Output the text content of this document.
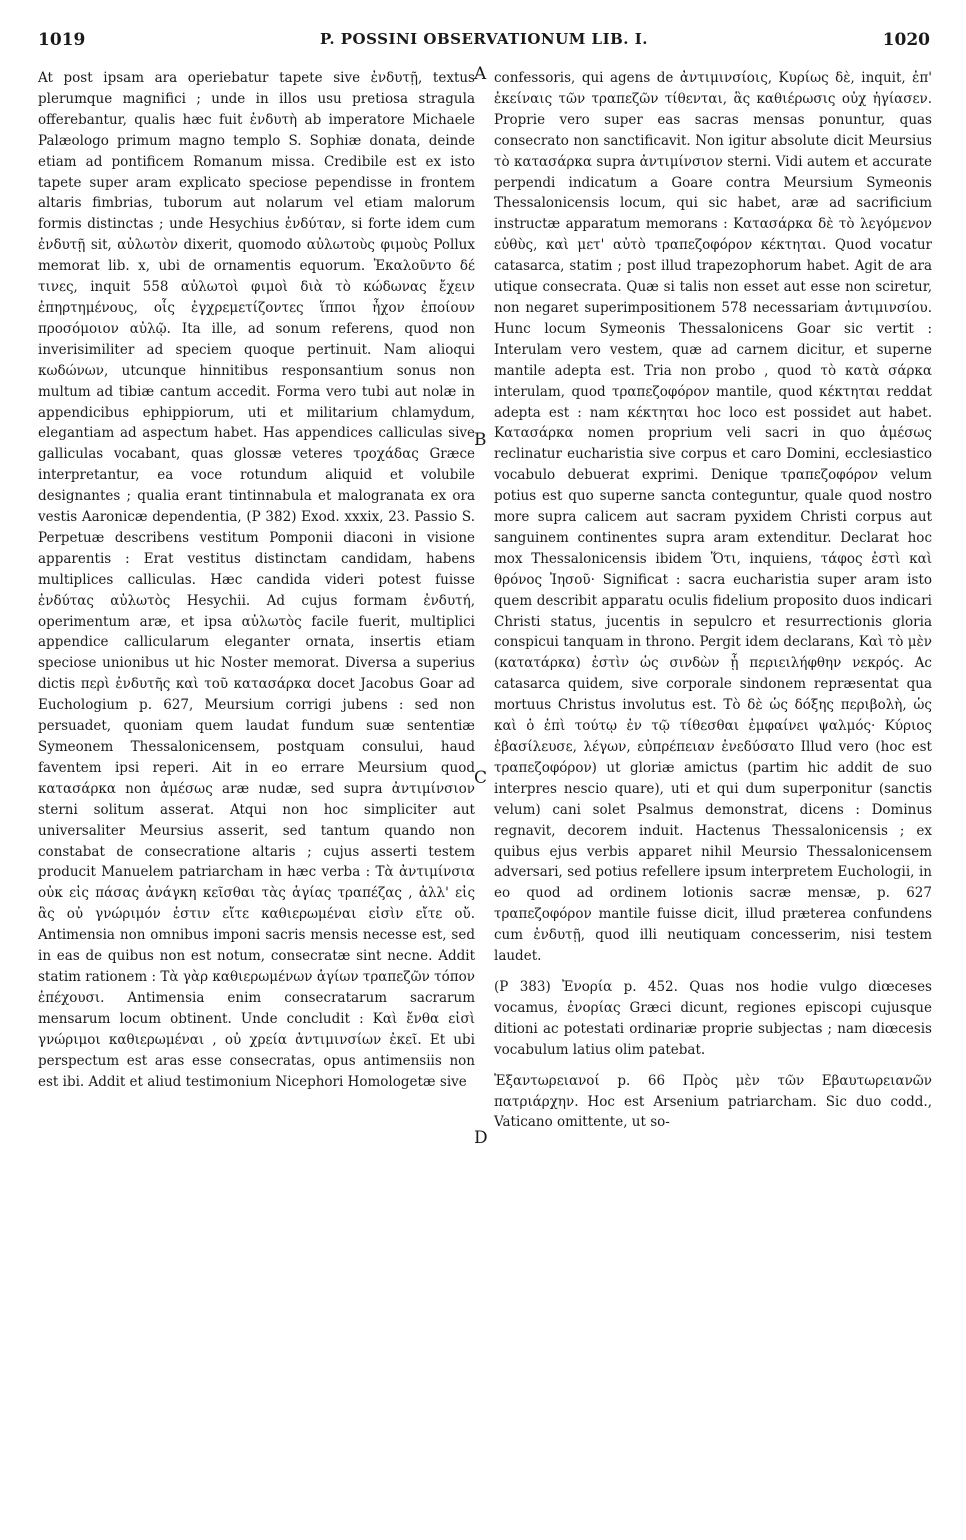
1019	P. POSSINI OBSERVATIONUM LIB. I.	1020

At post ipsam ara operiebatur tapete sive ἐνδυτῇ, textus plerumque magnifici ; unde in illos usu pretiosa stragula offerebantur, qualis hæc fuit ἐνδυτὴ ab imperatore Michaele Palæologo primum magno templo S. Sophiæ donata, deinde etiam ad pontificem Romanum missa. Credibile est ex isto tapete super aram explicato speciose pependisse in frontem altaris fimbrias, tuborum aut nolarum vel etiam malorum formis distinctas ; unde Hesychius ἐνδύταν, si forte idem cum ἐνδυτῇ sit, αὐλωτὸν dixerit, quomodo αὐλωτοὺς φιμοὺς Pollux memorat lib. x, ubi de ornamentis equorum. Ἐκαλοῦντο δέ τινες, inquit 558 αὐλωτοὶ φιμοὶ διὰ τὸ κώδωνας ἔχειν ἐπηρτημένους, οἷς ἐγχρεμετίζοντες ἵπποι ἦχον ἐποίουν προσόμοιον αὐλῷ. Ita ille, ad sonum referens, quod non inverisimiliter ad speciem quoque pertinuit. Nam alioqui κωδώνων, utcunque hinnitibus responsantium sonus non multum ad tibiæ cantum accedit. Forma vero tubi aut nolæ in appendicibus ephippiorum, uti et militarium chlamydum, elegantiam ad aspectum habet. Has appendices calliculas sive galliculas vocabant, quas glossæ veteres τροχάδας Græce interpretantur, ea voce rotundum aliquid et volubile designantes ; qualia erant tintinnabula et malogranata ex ora vestis Aaronicæ dependentia, (P 382) Exod. xxxix, 23. Passio S. Perpetuæ describens vestitum Pomponii diaconi in visione apparentis : Erat vestitus distinctam candidam, habens multiplices calliculas. Hæc candida videri potest fuisse ἐνδύτας αὐλωτὸς Hesychii. Ad cujus formam ἐνδυτή, operimentum aræ, et ipsa αὐλωτὸς facile fuerit, multiplici appendice callicularum eleganter ornata, insertis etiam speciose unionibus ut hic Noster memorat. Diversa a superius dictis περὶ ἐνδυτῆς καὶ τοῦ κατασάρκα docet Jacobus Goar ad Euchologium p. 627, Meursium corrigi jubens : sed non persuadet, quoniam quem laudat fundum suæ sententiæ Symeonem Thessalonicensem, postquam consului, haud faventem ipsi reperi. Ait in eo errare Meursium quod κατασάρκα non ἀμέσως aræ nudæ, sed supra ἀντιμίνσιον sterni solitum asserat. Atqui non hoc simpliciter aut universaliter Meursius asserit, sed tantum quando non constabat de consecratione altaris ; cujus asserti testem producit Manuelem patriarcham in hæc verba : Τὰ ἀντιμίνσια οὐκ εἰς πάσας ἀνάγκη κεῖσθαι τὰς ἁγίας τραπέζας , ἀλλ' εἰς ἃς οὐ γνώριμόν ἐστιν εἴτε καθιερωμέναι εἰσὶν εἴτε οὔ. Antimensia non omnibus imponi sacris mensis necesse est, sed in eas de quibus non est notum, consecratæ sint necne. Addit statim rationem : Τὰ γὰρ καθιερωμένων ἁγίων τραπεζῶν τόπον ἐπέχουσι. Antimensia enim consecratarum sacrarum mensarum locum obtinent. Unde concludit : Καὶ ἔνθα εἰσὶ γνώριμοι καθιερωμέναι , οὐ χρεία ἀντιμινσίων ἐκεῖ. Et ubi perspectum est aras esse consecratas, opus antimensiis non est ibi. Addit et aliud testimonium Nicephori Homologetæ sive

A
B
C
D

confessoris, qui agens de ἀντιμινσίοις, Κυρίως δὲ, inquit, ἐπ' ἐκείναις τῶν τραπεζῶν τίθενται, ἃς καθιέρωσις οὐχ ἡγίασεν. Proprie vero super eas sacras mensas ponuntur, quas consecrato non sanctificavit. Non igitur absolute dicit Meursius τὸ κατασάρκα supra ἀντιμίνσιον sterni. Vidi autem et accurate perpendi indicatum a Goare contra Meursium Symeonis Thessalonicensis locum, qui sic habet, aræ ad sacrificium instructæ apparatum memorans : Κατασάρκα δὲ τὸ λεγόμενον εὐθὺς, καὶ μετ' αὐτὸ τραπεζοφόρον κέκτηται. Quod vocatur catasarca, statim ; post illud trapezophorum habet. Agit de ara utique consecrata. Quæ si talis non esset aut esse non sciretur, non negaret superimpositionem 578 necessariam ἀντιμινσίου. Hunc locum Symeonis Thessalonicens Goar sic vertit : Interulam vero vestem, quæ ad carnem dicitur, et superne mantile adepta est. Tria non probo , quod τὸ κατὰ σάρκα interulam, quod τραπεζοφόρον mantile, quod κέκτηται reddat adepta est : nam κέκτηται hoc loco est possidet aut habet. Κατασάρκα nomen proprium veli sacri in quo ἀμέσως reclinatur eucharistia sive corpus et caro Domini, ecclesiastico vocabulo debuerat exprimi. Denique τραπεζοφόρον velum potius est quo superne sancta conteguntur, quale quod nostro more supra calicem aut sacram pyxidem Christi corpus aut sanguinem continentes supra aram extenditur. Declarat hoc mox Thessalonicensis ibidem Ὅτι, inquiens, τάφος ἐστὶ καὶ θρόνος Ἰησοῦ· Significat : sacra eucharistia super aram isto quem describit apparatu oculis fidelium proposito duos indicari Christi status, jucentis in sepulcro et resurrectionis gloria conspicui tanquam in throno. Pergit idem declarans, Καὶ τὸ μὲν (κατατάρκα) ἐστὶν ὡς σινδὼν ᾗ περιειλήφθην νεκρός. Ac catasarca quidem, sive corporale sindonem repræsentat qua mortuus Christus involutus est. Τὸ δὲ ὡς δόξης περιβολὴ, ὡς καὶ ὁ ἐπὶ τούτῳ ἐν τῷ τίθεσθαι ἐμφαίνει ψαλμός· Κύριος ἐβασίλευσε, λέγων, εὐπρέπειαν ἐνεδύσατο Illud vero (hoc est τραπεζοφόρον) ut gloriæ amictus (partim hic addit de suo interpres nescio quare), uti et qui dum superponitur (sanctis velum) cani solet Psalmus demonstrat, dicens : Dominus regnavit, decorem induit. Hactenus Thessalonicensis ; ex quibus ejus verbis apparet nihil Meursio Thessalonicensem adversari, sed potius refellere ipsum interpretem Euchologii, in eo quod ad ordinem lotionis sacræ mensæ, p. 627 τραπεζοφόρον mantile fuisse dicit, illud præterea confundens cum ἐνδυτῇ, quod illi neutiquam concesserim, nisi testem laudet.

(P 383) Ἐνορία p. 452. Quas nos hodie vulgo diœceses vocamus, ἐνορίας Græci dicunt, regiones episcopi cujusque ditioni ac potestati ordinariæ proprie subjectas ; nam diœcesis vocabulum latius olim patebat.

Ἐξαντωρειανοί p. 66 Πρὸς μὲν τῶν Εβαυτωρειανῶν πατριάρχην. Hoc est Arsenium patriarcham. Sic duo codd., Vaticano omittente, ut so-
